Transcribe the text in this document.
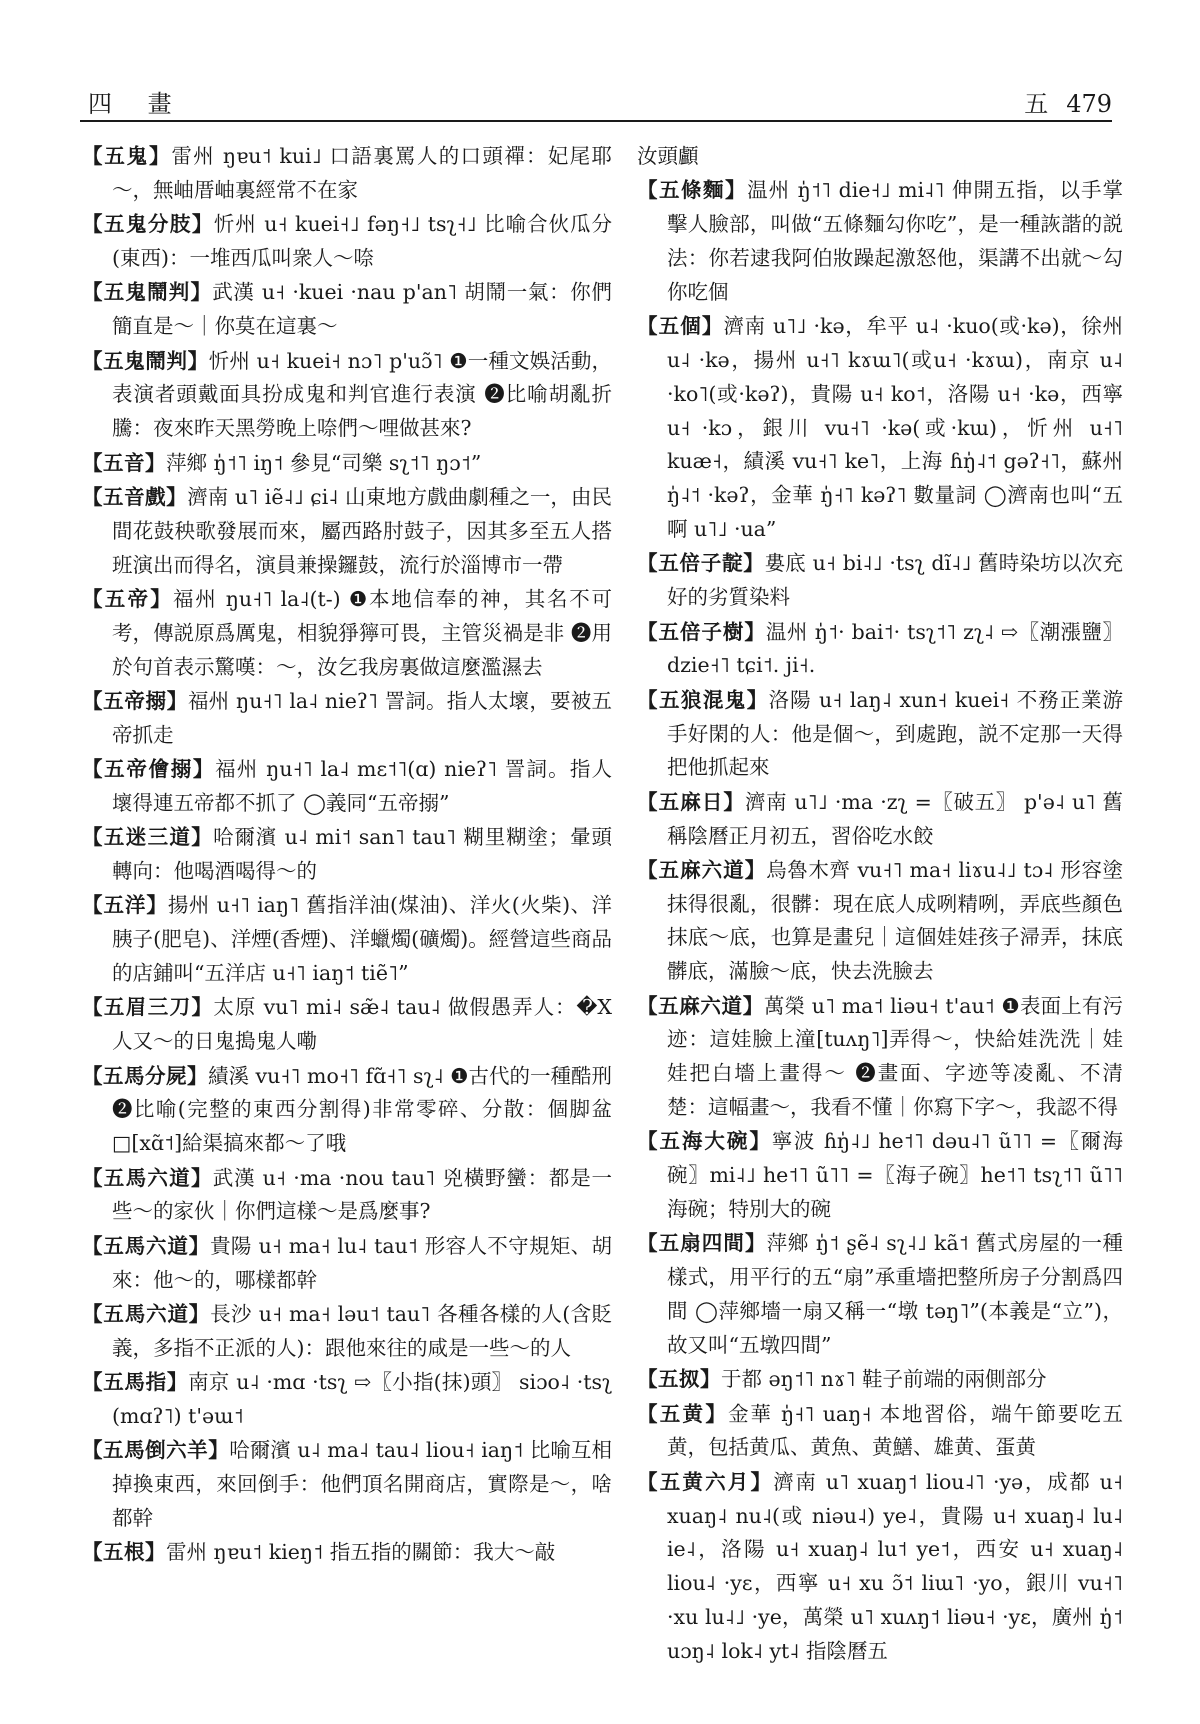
四 畫	五 479

【五鬼】雷州 ŋɐu˦ kui˩ 口語裏罵人的口頭禪：妃尾耶～，無岫厝岫裏經常不在家

【五鬼分肢】忻州 u˧ kuei˧˩ fəŋ˧˩ tsʅ˧˩ 比喻合伙瓜分(東西)：一堆西瓜叫衆人～㖠

【五鬼鬧判】武漢 u˧ ·kuei ·nau p'an˥ 胡鬧一氣：你們簡直是～｜你莫在這裏～

【五鬼鬧判】忻州 u˧ kuei˧ nɔ˥ p'uɔ̃˥ ❶一種文娛活動，表演者頭戴面具扮成鬼和判官進行表演 ❷比喻胡亂折騰：夜來昨天黑勞晚上㖠們～哩做甚來?

【五音】萍鄉 ŋ̍˦˥ iŋ˦ 參見“司樂 sʅ˦˥ ŋɔ˦”

【五音戲】濟南 u˥ iẽ˨˩ ɕi˨ 山東地方戲曲劇種之一，由民間花鼓秧歌發展而來，屬西路肘鼓子，因其多至五人搭班演出而得名，演員兼操鑼鼓，流行於淄博市一帶

【五帝】福州 ŋu˧˥ la˨(t-) ❶本地信奉的神，其名不可考，傳説原爲厲鬼，相貌猙獰可畏，主管災禍是非 ❷用於句首表示驚嘆：～，汝乞我房裏做這麼濫濕去

【五帝搦】福州 ŋu˧˥ la˨ nieʔ˥ 詈詞。指人太壞，要被五帝抓走

【五帝儈搦】福州 ŋu˧˥ la˨ mɛ˦˥(ɑ) nieʔ˥ 詈詞。指人壞得連五帝都不抓了 ◯義同“五帝搦”

【五迷三道】哈爾濱 u˨ mi˦ san˥ tau˥ 糊里糊塗；暈頭轉向：他喝酒喝得～的

【五洋】揚州 u˧˥ iaŋ˥ 舊指洋油(煤油)、洋火(火柴)、洋胰子(肥皂)、洋煙(香煙)、洋蠟燭(礦燭)。經營這些商品的店鋪叫“五洋店 u˧˥ iaŋ˦ tiẽ˥”

【五眉三刀】太原 vu˥ mi˨ sæ̃˨ tau˨ 做假愚弄人：�X人又～的日鬼搗鬼人嘞

【五馬分屍】績溪 vu˧˥ mo˧˥ fɑ̃˧˥ sʅ˨ ❶古代的一種酷刑 ❷比喻(完整的東西分割得)非常零碎、分散：個脚盆□[xɑ̃˦]給渠搞來都～了哦

【五馬六道】武漢 u˧ ·ma ·nou tau˥ 兇橫野蠻：都是一些～的家伙｜你們這樣～是爲麼事?

【五馬六道】貴陽 u˧ ma˧ lu˨ tau˦ 形容人不守規矩、胡來：他～的，哪樣都幹

【五馬六道】長沙 u˧ ma˧ ləu˦ tau˥ 各種各樣的人(含貶義，多指不正派的人)：跟他來往的咸是一些～的人

【五馬指】南京 u˨ ·mɑ ·tsʅ ⇨〖小指(抹)頭〗 siɔo˨ ·tsʅ (mɑʔ˥) t'əɯ˦

【五馬倒六羊】哈爾濱 u˨ ma˨ tau˨ liou˧ iaŋ˦ 比喻互相掉換東西，來回倒手：他們頂名開商店，實際是～，啥都幹

【五根】雷州 ŋɐu˦ kieŋ˦ 指五指的關節：我大～敲

汝頭顱

【五條麵】温州 ŋ̍˦˥ die˧˩ mi˨˥ 伸開五指，以手掌擊人臉部，叫做“五條麵勾你吃”，是一種詼諧的説法：你若逮我阿伯妝躁起激怒他，渠講不出就～勾你吃個

【五個】濟南 u˥˩ ·kə，牟平 u˨ ·kuo(或·kə)，徐州 u˨ ·kə，揚州 u˧˥ kɤɯ˥(或u˧ ·kɤɯ)，南京 u˨ ·ko˥(或·kəʔ)，貴陽 u˧ ko˦，洛陽 u˧ ·kə，西寧 u˧ ·kɔ，銀川 vu˧˥ ·kə(或·kɯ)，忻州 u˧˥ kuæ˧，績溪 vu˧˥ ke˥，上海 ɦŋ̍˨˦ gəʔ˧˥，蘇州 ŋ̍˨˦ ·kəʔ，金華 ŋ̍˧˥ kəʔ˥ 數量詞 ◯濟南也叫“五啊 u˥˩ ·ua”

【五倍子靛】婁底 u˧ bi˨˩ ·tsʅ dĩ˨˩ 舊時染坊以次充好的劣質染料

【五倍子樹】温州 ŋ̍˦· bai˦· tsʅ˦˥ zʅ˨ ⇨〖潮漲鹽〗dzie˧˥ tɕi˦. ji˧.

【五狼混鬼】洛陽 u˧ laŋ˨ xun˧ kuei˧ 不務正業游手好閑的人：他是個～，到處跑，説不定那一天得把他抓起來

【五麻日】濟南 u˥˩ ·ma ·zʅ =〖破五〗 p'ə˨ u˥ 舊稱陰曆正月初五，習俗吃水餃

【五麻六道】烏魯木齊 vu˧˥ ma˧ liɤu˨˩ tɔ˨ 形容塗抹得很亂，很髒：現在底人成咧精咧，弄底些顏色抹底～底，也算是畫兒｜這個娃娃孩子㴆弄，抹底髒底，滿臉～底，快去洗臉去

【五麻六道】萬榮 u˥ ma˦ liəu˧ t'au˦ ❶表面上有污迹：這娃臉上潼[tuʌŋ˥]弄得～，快給娃洗洗｜娃娃把白墻上畫得～ ❷畫面、字迹等凌亂、不清楚：這幅畫～，我看不懂｜你寫下字～，我認不得

【五海大碗】寧波 ɦŋ̍˨˩ he˦˥ dəu˨˥ ũ˥˥ =〖爾海碗〗mi˨˩ he˦˥ ũ˥˥ =〖海子碗〗he˦˥ tsʅ˦˥ ũ˥˥ 海碗；特別大的碗

【五扇四間】萍鄉 ŋ̍˦ ʂẽ˨ sʅ˨˩ kã˦ 舊式房屋的一種樣式，用平行的五“扇”承重墻把整所房子分割爲四間 ◯萍鄉墻一扇又稱一“墩 təŋ˥”(本義是“立”)，故又叫“五墩四間”

【五㧐】于都 əŋ˦˥ nɤ˥ 鞋子前端的兩側部分

【五黄】金華 ŋ̍˧˥ uaŋ˧ 本地習俗，端午節要吃五黄，包括黄瓜、黄魚、黄鱔、雄黄、蛋黄

【五黄六月】濟南 u˥ xuaŋ˦ liou˨˥ ·yə，成都 u˧ xuaŋ˨ nu˨(或 niəu˨) ye˨，貴陽 u˧ xuaŋ˨ lu˨ ie˨，洛陽 u˧ xuaŋ˨ lu˦ ye˦，西安 u˧ xuaŋ˨ liou˨ ·yɛ，西寧 u˧ xu ɔ̃˦ liɯ˥ ·yo，銀川 vu˧˥ ·xu lu˨˩ ·ye，萬榮 u˥ xuʌŋ˦ liəu˧ ·yɛ，廣州 ŋ̍˦ uɔŋ˨ lok˨ yt˨ 指陰曆五
